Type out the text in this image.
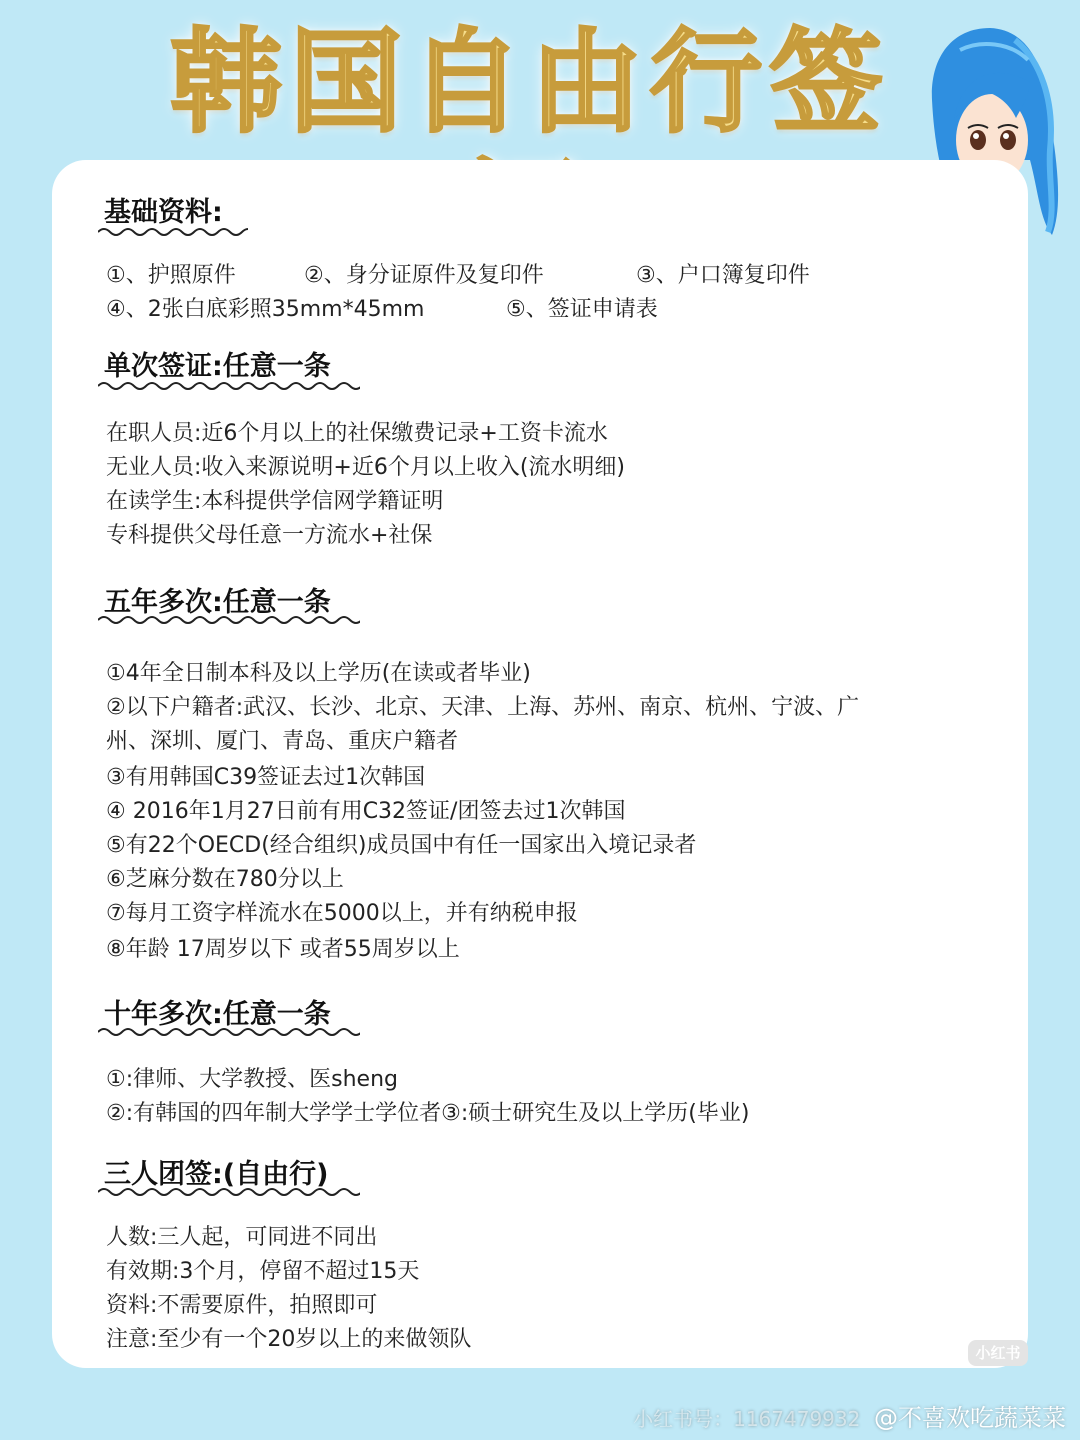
韩国自由行签
基础资料:
①、护照原件	②、身分证原件及复印件	③、户口簿复印件
④、2张白底彩照35mm*45mm	⑤、签证申请表
单次签证:任意一条
在职人员:近6个月以上的社保缴费记录+工资卡流水
无业人员:收入来源说明+近6个月以上收入(流水明细)
在读学生:本科提供学信网学籍证明
专科提供父母任意一方流水+社保
五年多次:任意一条
①4年全日制本科及以上学历(在读或者毕业)
②以下户籍者:武汉、长沙、北京、天津、上海、苏州、南京、杭州、宁波、广
州、深圳、厦门、青岛、重庆户籍者
③有用韩国C39签证去过1次韩国
④ 2016年1月27日前有用C32签证/团签去过1次韩国
⑤有22个OECD(经合组织)成员国中有任一国家出入境记录者
⑥芝麻分数在780分以上
⑦每月工资字样流水在5000以上，并有纳税申报
⑧年龄 17周岁以下 或者55周岁以上
十年多次:任意一条
①:律师、大学教授、医sheng
②:有韩国的四年制大学学士学位者③:硕士研究生及以上学历(毕业)
三人团签:(自由行)
人数:三人起，可同进不同出
有效期:3个月，停留不超过15天
资料:不需要原件，拍照即可
注意:至少有一个20岁以上的来做领队
小红书
小红书号：1167479932 @不喜欢吃蔬菜菜
